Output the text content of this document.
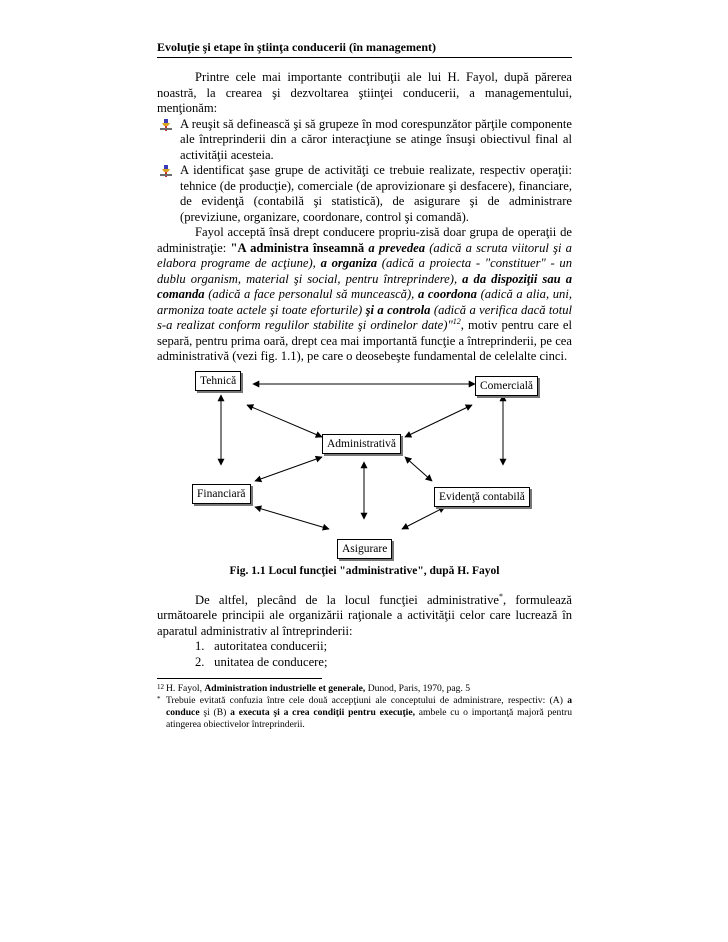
Evoluţie şi etape în ştiinţa conducerii (în management)

Printre cele mai importante contribuţii ale lui H. Fayol, după părerea noastră, la crearea şi dezvoltarea ştiinţei conducerii, a managementului, menţionăm:

A reuşit să definească şi să grupeze în mod corespunzător părţile componente ale întreprinderii din a căror interacţiune se atinge însuşi obiectivul final al activităţii acesteia.
A identificat şase grupe de activităţi ce trebuie realizate, respectiv operaţii: tehnice (de producţie), comerciale (de aprovizionare şi desfacere), financiare, de evidenţă (contabilă şi statistică), de asigurare şi de administrare (previziune, organizare, coordonare, control şi comandă).

Fayol acceptă însă drept conducere propriu-zisă doar grupa de operaţii de administraţie: "A administra înseamnă a prevedea (adică a scruta viitorul şi a elabora programe de acţiune), a organiza (adică a proiecta - "constituer" - un dublu organism, material şi social, pentru întreprindere), a da dispoziţii sau a comanda (adică a face personalul să muncească), a coordona (adică a alia, uni, armoniza toate actele şi toate eforturile) şi a controla (adică a verifica dacă totul s-a realizat conform regulilor stabilite şi ordinelor date)"$^{12}$, motiv pentru care el separă, pentru prima oară, drept cea mai importantă funcţie a întreprinderii, pe cea administrativă (vezi fig. 1.1), pe care o deosebeşte fundamental de celelalte cinci.

Tehnică	Comercială
Administrativă
Financiară	Evidenţă contabilă
Asigurare
Fig. 1.1 Locul funcţiei "administrative", după H. Fayol

De altfel, plecând de la locul funcţiei administrative*, formulează următoarele principii ale organizării raţionale a activităţii celor care lucrează în aparatul administrativ al întreprinderii:

1. autoritatea conducerii;
2. unitatea de conducere;
12 H. Fayol, Administration industrielle et generale, Dunod, Paris, 1970, pag. 5
* Trebuie evitată confuzia între cele două accepţiuni ale conceptului de administrare, respectiv: (A) a conduce şi (B) a executa şi a crea condiţii pentru execuţie, ambele cu o importanţă majoră pentru atingerea obiectivelor întreprinderii.
